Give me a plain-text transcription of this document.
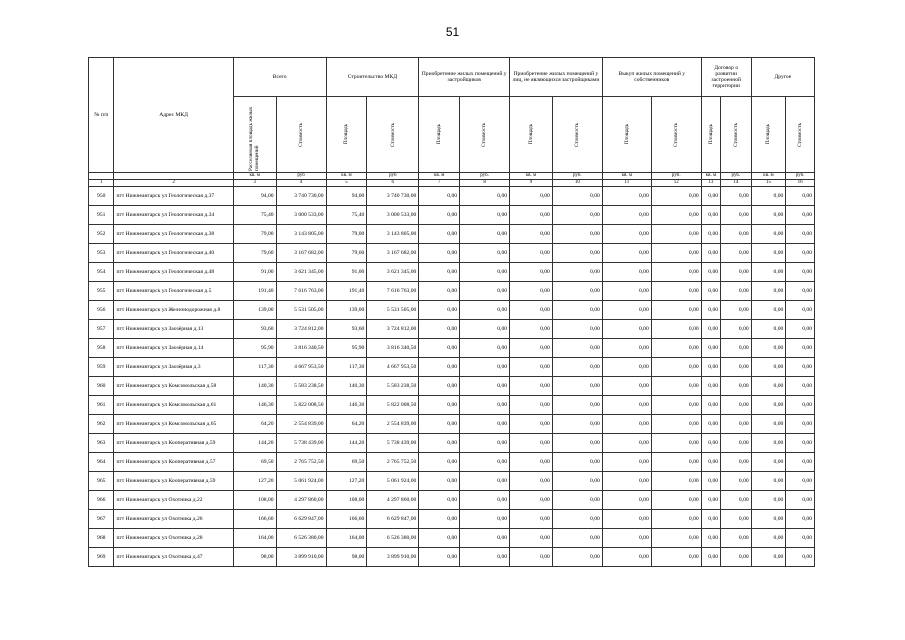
51
№ п/п	Адрес МКД	Всего		Строительство МКД		Приобретение жилых помещений у застройщиков		Приобретение жилых помещений у лиц, не являющихся застройщиками		Выкуп жилых помещений у собственников		Договор о развитии застроенной территории		Другое	

		Расселяемая площадь жилых помещений	Стоимость	Площадь	Стоимость	Площадь	Стоимость	Площадь	Стоимость	Площадь	Стоимость	Площадь	Стоимость	Площадь	Стоимость

		кв. м	руб	кв. м	руб	кв. м	руб.	кв. м	руб.	кв. м	руб.	кв. м	руб.	кв. м	руб.
1	2	3	4	5	6	7	8	9	10	11	12	13	14	15	16
950	пгт Нижнеангарск ул Геологическая д.37	94,00	3 740 730,00	94,00	3 740 730,00	0,00	0,00	0,00	0,00	0,00	0,00	0,00	0,00	0,00	0,00
951	пгт Нижнеангарск ул Геологическая д.34	75,40	3 000 533,00	75,40	3 000 533,00	0,00	0,00	0,00	0,00	0,00	0,00	0,00	0,00	0,00	0,00
952	пгт Нижнеангарск ул Геологическая д.38	79,00	3 143 805,00	79,00	3 143 805,00	0,00	0,00	0,00	0,00	0,00	0,00	0,00	0,00	0,00	0,00
953	пгт Нижнеангарск ул Геологическая д.40	79,60	3 167 682,00	79,60	3 167 682,00	0,00	0,00	0,00	0,00	0,00	0,00	0,00	0,00	0,00	0,00
954	пгт Нижнеангарск ул Геологическая д.48	91,00	3 621 345,00	91,00	3 621 345,00	0,00	0,00	0,00	0,00	0,00	0,00	0,00	0,00	0,00	0,00
955	пгт Нижнеангарск ул Геологическая д.5	191,40	7 616 763,00	191,40	7 616 763,00	0,00	0,00	0,00	0,00	0,00	0,00	0,00	0,00	0,00	0,00
956	пгт Нижнеангарск ул Железнодорожная д.8	139,00	5 531 505,00	139,00	5 531 505,00	0,00	0,00	0,00	0,00	0,00	0,00	0,00	0,00	0,00	0,00
957	пгт Нижнеангарск ул Заозёрная д.13	93,60	3 724 812,00	93,60	3 724 812,00	0,00	0,00	0,00	0,00	0,00	0,00	0,00	0,00	0,00	0,00
958	пгт Нижнеангарск ул Заозёрная д.14	95,90	3 816 340,50	95,90	3 816 340,50	0,00	0,00	0,00	0,00	0,00	0,00	0,00	0,00	0,00	0,00
959	пгт Нижнеангарск ул Заозёрная д.3	117,30	4 667 953,50	117,30	4 667 953,50	0,00	0,00	0,00	0,00	0,00	0,00	0,00	0,00	0,00	0,00
960	пгт Нижнеангарск ул Комсомольская д.58	140,30	5 583 238,50	140,30	5 583 238,50	0,00	0,00	0,00	0,00	0,00	0,00	0,00	0,00	0,00	0,00
961	пгт Нижнеангарск ул Комсомольская д.61	146,30	5 822 008,50	146,30	5 822 008,50	0,00	0,00	0,00	0,00	0,00	0,00	0,00	0,00	0,00	0,00
962	пгт Нижнеангарск ул Комсомольская д.65	64,20	2 554 839,00	64,20	2 554 839,00	0,00	0,00	0,00	0,00	0,00	0,00	0,00	0,00	0,00	0,00
963	пгт Нижнеангарск ул Кооперативная д.59	144,20	5 738 439,00	144,20	5 738 439,00	0,00	0,00	0,00	0,00	0,00	0,00	0,00	0,00	0,00	0,00
964	пгт Нижнеангарск ул Кооперативная д.57	69,50	2 765 752,50	69,50	2 765 752,50	0,00	0,00	0,00	0,00	0,00	0,00	0,00	0,00	0,00	0,00
965	пгт Нижнеангарск ул Кооперативная д.59	127,20	5 061 924,00	127,20	5 061 924,00	0,00	0,00	0,00	0,00	0,00	0,00	0,00	0,00	0,00	0,00
966	пгт Нижнеангарск ул Охотника д.22	108,00	4 297 860,00	108,00	4 297 860,00	0,00	0,00	0,00	0,00	0,00	0,00	0,00	0,00	0,00	0,00
967	пгт Нижнеангарск ул Охотника д.26	166,60	6 629 847,00	166,60	6 629 847,00	0,00	0,00	0,00	0,00	0,00	0,00	0,00	0,00	0,00	0,00
968	пгт Нижнеангарск ул Охотника д.28	164,00	6 526 380,00	164,00	6 526 380,00	0,00	0,00	0,00	0,00	0,00	0,00	0,00	0,00	0,00	0,00
969	пгт Нижнеангарск ул Охотника д.47	98,00	3 899 910,00	98,00	3 899 910,00	0,00	0,00	0,00	0,00	0,00	0,00	0,00	0,00	0,00	0,00
